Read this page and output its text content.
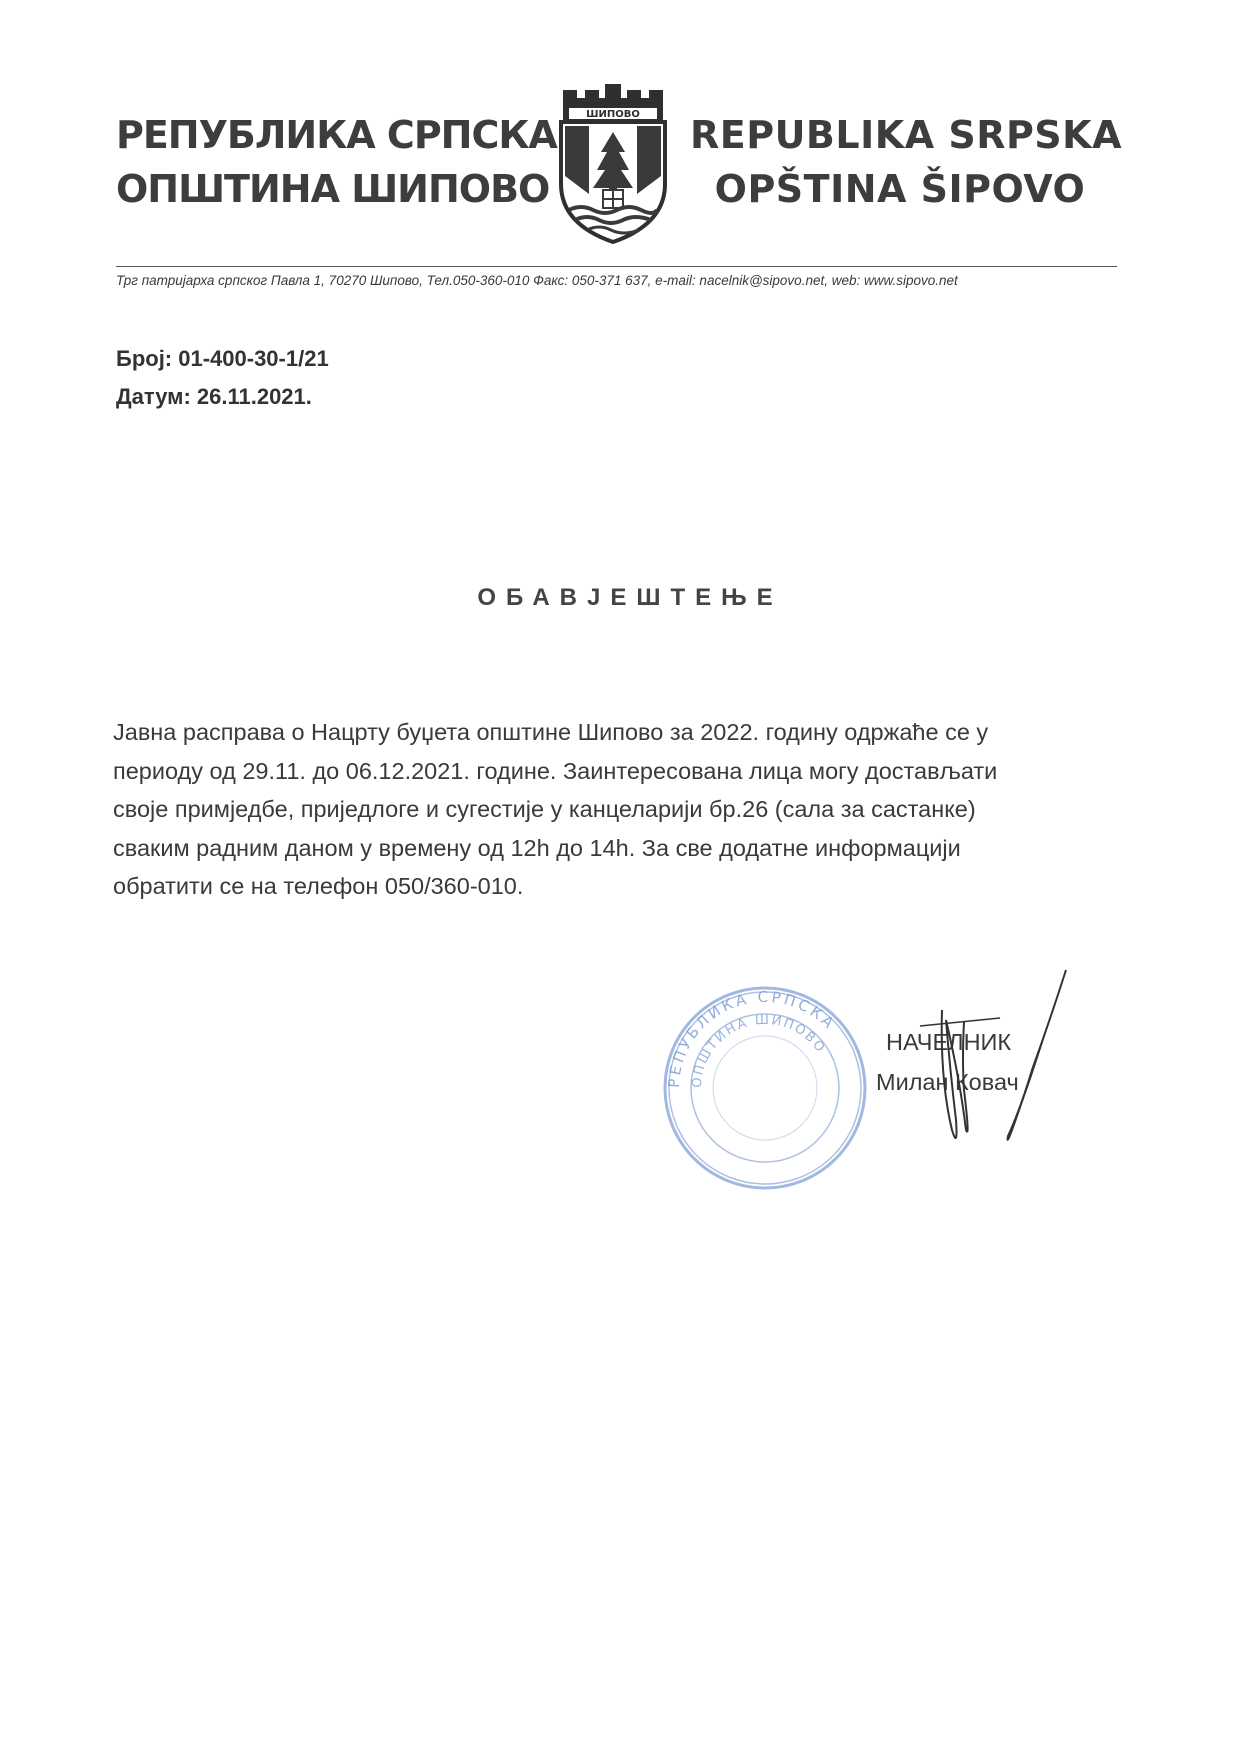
РЕПУБЛИКА СРПСКА
ОПШТИНА ШИПОВО
ШИПОВО REPUBLIKA SRPSKA
OPŠTINA ŠIPOVO
Трг патријарха српског Павла 1, 70270 Шипово, Тел.050-360-010 Факс: 050-371 637, e-mail: nacelnik@sipovo.net, web: www.sipovo.net
Број: 01-400-30-1/21
Датум: 26.11.2021.
ОБАВЈЕШТЕЊЕ
Јавна расправа о Нацрту буџета општине Шипово за 2022. годину одржаће се у
периоду од 29.11. до 06.12.2021. године. Заинтересована лица могу достављати
своје примједбе, приједлоге и сугестије у канцеларији бр.26 (сала за састанке)
сваким радним даном у времену од 12h до 14h. За све додатне информацији
обратити се на телефон 050/360-010.
РЕПУБЛИКА СРПСКА
ОПШТИНА ШИПОВО	НАЧЕЛНИК
Милан Ковач
